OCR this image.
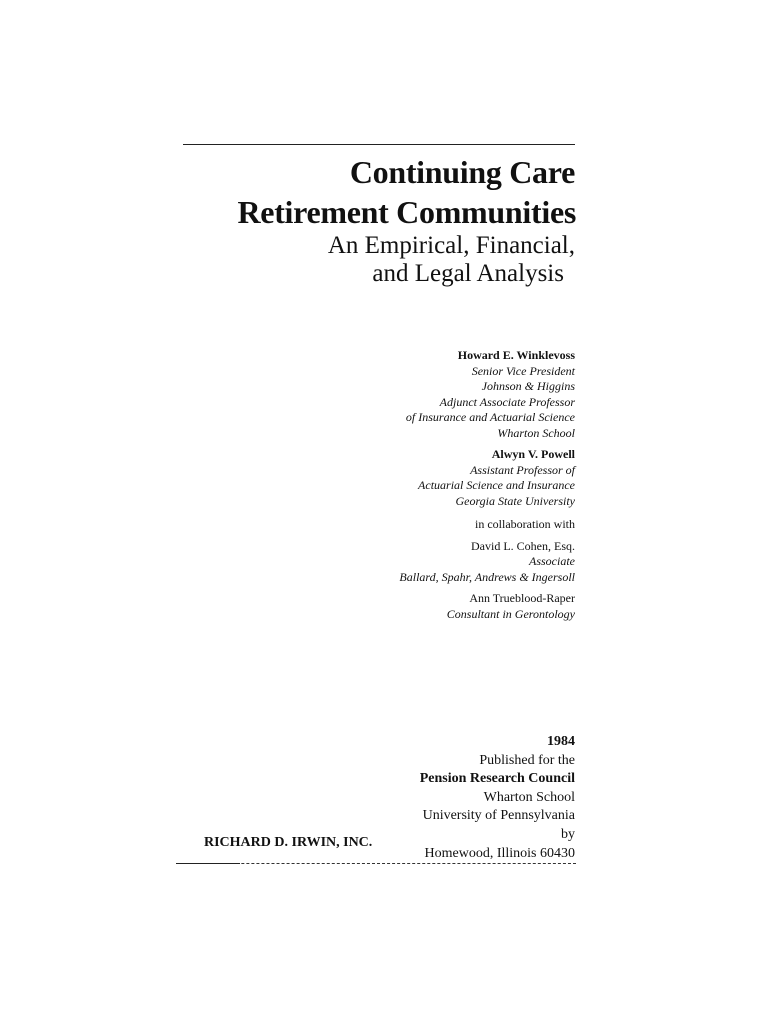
Continuing Care
Retirement Communities
An Empirical, Financial,
and Legal Analysis
Howard E. Winklevoss
Senior Vice President
Johnson & Higgins
Adjunct Associate Professor
of Insurance and Actuarial Science
Wharton School
Alwyn V. Powell
Assistant Professor of
Actuarial Science and Insurance
Georgia State University
in collaboration with
David L. Cohen, Esq.
Associate
Ballard, Spahr, Andrews & Ingersoll
Ann Trueblood-Raper
Consultant in Gerontology
1984
Published for the
Pension Research Council
Wharton School
University of Pennsylvania
by
Homewood, Illinois 60430
RICHARD D. IRWIN, INC.
